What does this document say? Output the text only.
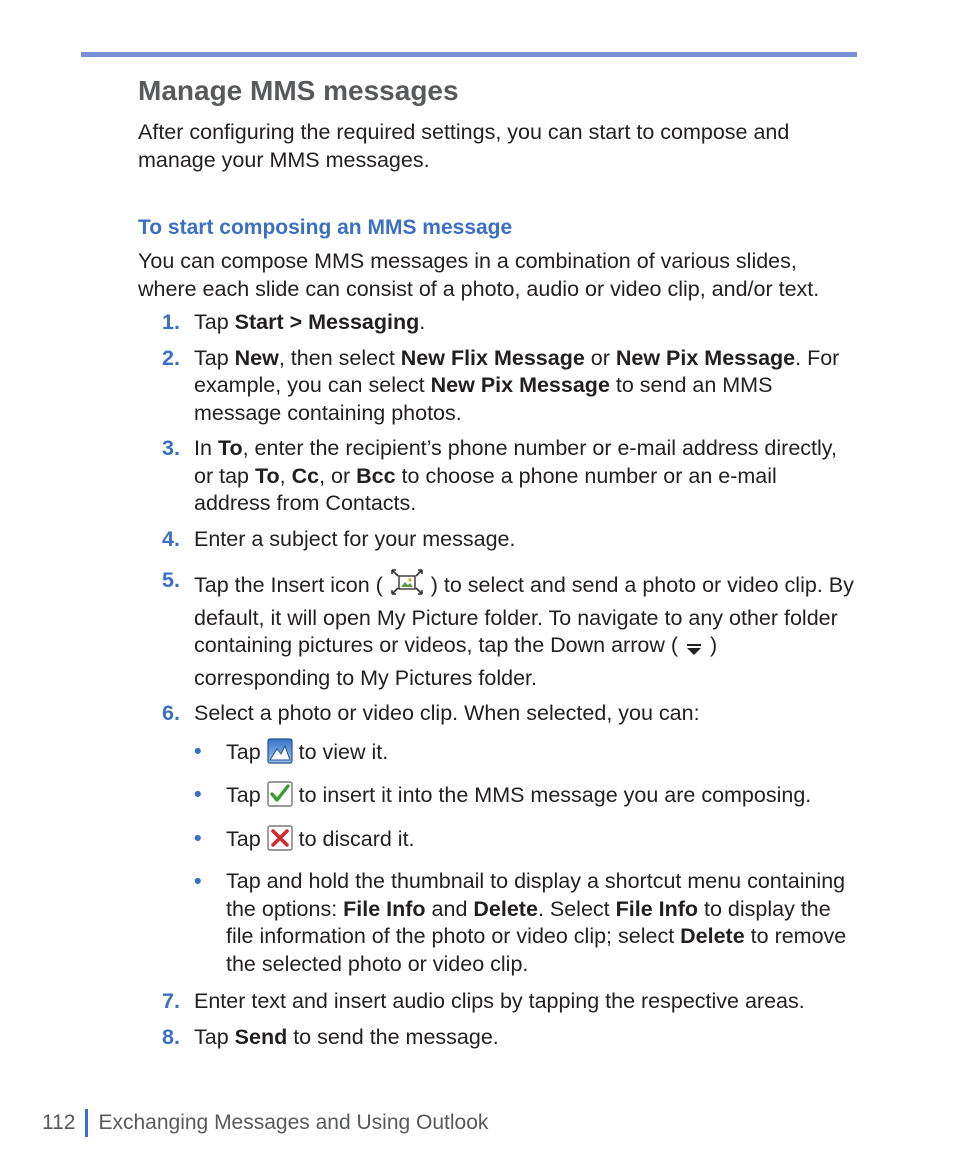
Manage MMS messages

After configuring the required settings, you can start to compose and manage your MMS messages.

To start composing an MMS message

You can compose MMS messages in a combination of various slides, where each slide can consist of a photo, audio or video clip, and/or text.

1. Tap Start > Messaging.
2. Tap New, then select New Flix Message or New Pix Message. For example, you can select New Pix Message to send an MMS message containing photos.
3. In To, enter the recipient’s phone number or e-mail address directly, or tap To, Cc, or Bcc to choose a phone number or an e-mail address from Contacts.
4. Enter a subject for your message.
5. Tap the Insert icon (  ) to select and send a photo or video clip. By default, it will open My Picture folder. To navigate to any other folder containing pictures or videos, tap the Down arrow (  ) corresponding to My Pictures folder.
6. Select a photo or video clip. When selected, you can:
• Tap  to view it.
• Tap  to insert it into the MMS message you are composing.
• Tap  to discard it.
• Tap and hold the thumbnail to display a shortcut menu containing the options: File Info and Delete. Select File Info to display the file information of the photo or video clip; select Delete to remove the selected photo or video clip.
7. Enter text and insert audio clips by tapping the respective areas.
8. Tap Send to send the message.
112 Exchanging Messages and Using Outlook
